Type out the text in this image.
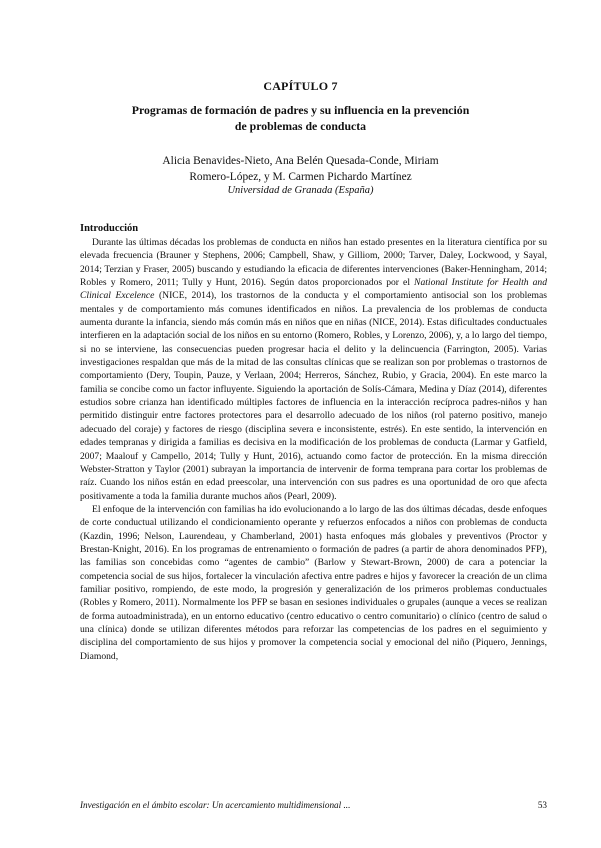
CAPÍTULO 7
Programas de formación de padres y su influencia en la prevención
de problemas de conducta
Alicia Benavides-Nieto, Ana Belén Quesada-Conde, Miriam
Romero-López, y M. Carmen Pichardo Martínez
Universidad de Granada (España)
Introducción

Durante las últimas décadas los problemas de conducta en niños han estado presentes en la literatura científica por su elevada frecuencia (Brauner y Stephens, 2006; Campbell, Shaw, y Gilliom, 2000; Tarver, Daley, Lockwood, y Sayal, 2014; Terzian y Fraser, 2005) buscando y estudiando la eficacia de diferentes intervenciones (Baker-Henningham, 2014; Robles y Romero, 2011; Tully y Hunt, 2016). Según datos proporcionados por el National Institute for Health and Clinical Excelence (NICE, 2014), los trastornos de la conducta y el comportamiento antisocial son los problemas mentales y de comportamiento más comunes identificados en niños. La prevalencia de los problemas de conducta aumenta durante la infancia, siendo más común más en niños que en niñas (NICE, 2014). Estas dificultades conductuales interfieren en la adaptación social de los niños en su entorno (Romero, Robles, y Lorenzo, 2006), y, a lo largo del tiempo, si no se interviene, las consecuencias pueden progresar hacia el delito y la delincuencia (Farrington, 2005). Varias investigaciones respaldan que más de la mitad de las consultas clínicas que se realizan son por problemas o trastornos de comportamiento (Dery, Toupin, Pauze, y Verlaan, 2004; Herreros, Sánchez, Rubio, y Gracia, 2004). En este marco la familia se concibe como un factor influyente. Siguiendo la aportación de Solís-Cámara, Medina y Díaz (2014), diferentes estudios sobre crianza han identificado múltiples factores de influencia en la interacción recíproca padres-niños y han permitido distinguir entre factores protectores para el desarrollo adecuado de los niños (rol paterno positivo, manejo adecuado del coraje) y factores de riesgo (disciplina severa e inconsistente, estrés). En este sentido, la intervención en edades tempranas y dirigida a familias es decisiva en la modificación de los problemas de conducta (Larmar y Gatfield, 2007; Maalouf y Campello, 2014; Tully y Hunt, 2016), actuando como factor de protección. En la misma dirección Webster-Stratton y Taylor (2001) subrayan la importancia de intervenir de forma temprana para cortar los problemas de raíz. Cuando los niños están en edad preescolar, una intervención con sus padres es una oportunidad de oro que afecta positivamente a toda la familia durante muchos años (Pearl, 2009).

El enfoque de la intervención con familias ha ido evolucionando a lo largo de las dos últimas décadas, desde enfoques de corte conductual utilizando el condicionamiento operante y refuerzos enfocados a niños con problemas de conducta (Kazdin, 1996; Nelson, Laurendeau, y Chamberland, 2001) hasta enfoques más globales y preventivos (Proctor y Brestan-Knight, 2016). En los programas de entrenamiento o formación de padres (a partir de ahora denominados PFP), las familias son concebidas como “agentes de cambio” (Barlow y Stewart-Brown, 2000) de cara a potenciar la competencia social de sus hijos, fortalecer la vinculación afectiva entre padres e hijos y favorecer la creación de un clima familiar positivo, rompiendo, de este modo, la progresión y generalización de los primeros problemas conductuales (Robles y Romero, 2011). Normalmente los PFP se basan en sesiones individuales o grupales (aunque a veces se realizan de forma autoadministrada), en un entorno educativo (centro educativo o centro comunitario) o clínico (centro de salud o una clínica) donde se utilizan diferentes métodos para reforzar las competencias de los padres en el seguimiento y disciplina del comportamiento de sus hijos y promover la competencia social y emocional del niño (Piquero, Jennings, Diamond,

Investigación en el ámbito escolar: Un acercamiento multidimensional ...	53
